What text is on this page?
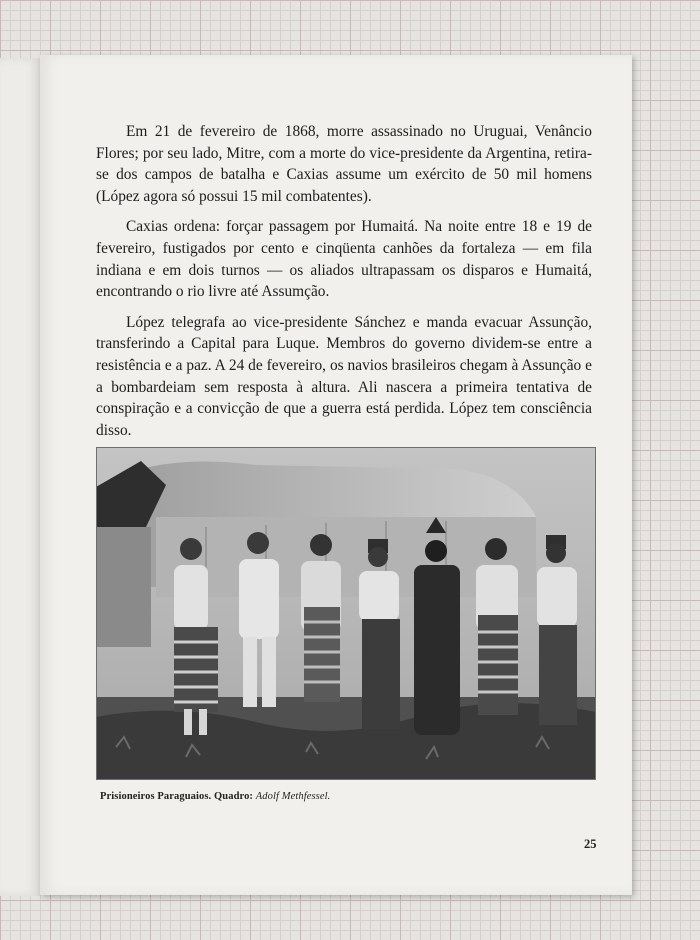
Em 21 de fevereiro de 1868, morre assassinado no Uruguai, Venâncio Flores; por seu lado, Mitre, com a morte do vice-presidente da Argentina, retira-se dos campos de batalha e Caxias assume um exército de 50 mil homens (López agora só possui 15 mil combatentes).

Caxias ordena: forçar passagem por Humaitá. Na noite entre 18 e 19 de fevereiro, fustigados por cento e cinqüenta canhões da fortaleza — em fila indiana e em dois turnos — os aliados ultrapassam os disparos e Humaitá, encontrando o rio livre até Assumção.

López telegrafa ao vice-presidente Sánchez e manda evacuar Assunção, transferindo a Capital para Luque. Membros do governo dividem-se entre a resistência e a paz. A 24 de fevereiro, os navios brasileiros chegam à Assunção e a bombardeiam sem resposta à altura. Ali nascera a primeira tentativa de conspiração e a convicção de que a guerra está perdida. López tem consciência disso.

Prisioneiros Paraguaios. Quadro: Adolf Methfessel.
25
